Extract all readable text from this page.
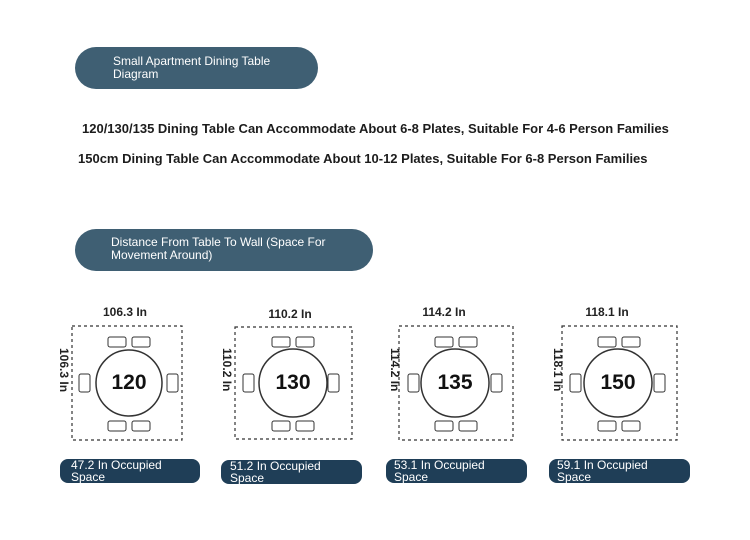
Small Apartment Dining Table
Diagram
120/130/135 Dining Table Can Accommodate About 6-8 Plates, Suitable For 4-6 Person Families
150cm Dining Table Can Accommodate About 10-12 Plates, Suitable For 6-8 Person Families
Distance From Table To Wall (Space For
Movement Around)
106.3 In
106.3 In	120
110.2 In
110.2 In	130
114.2 In
114.2 In	135
118.1 In
118.1 In	150
47.2 In Occupied
Space
51.2 In Occupied
Space
53.1 In Occupied
Space
59.1 In Occupied
Space
